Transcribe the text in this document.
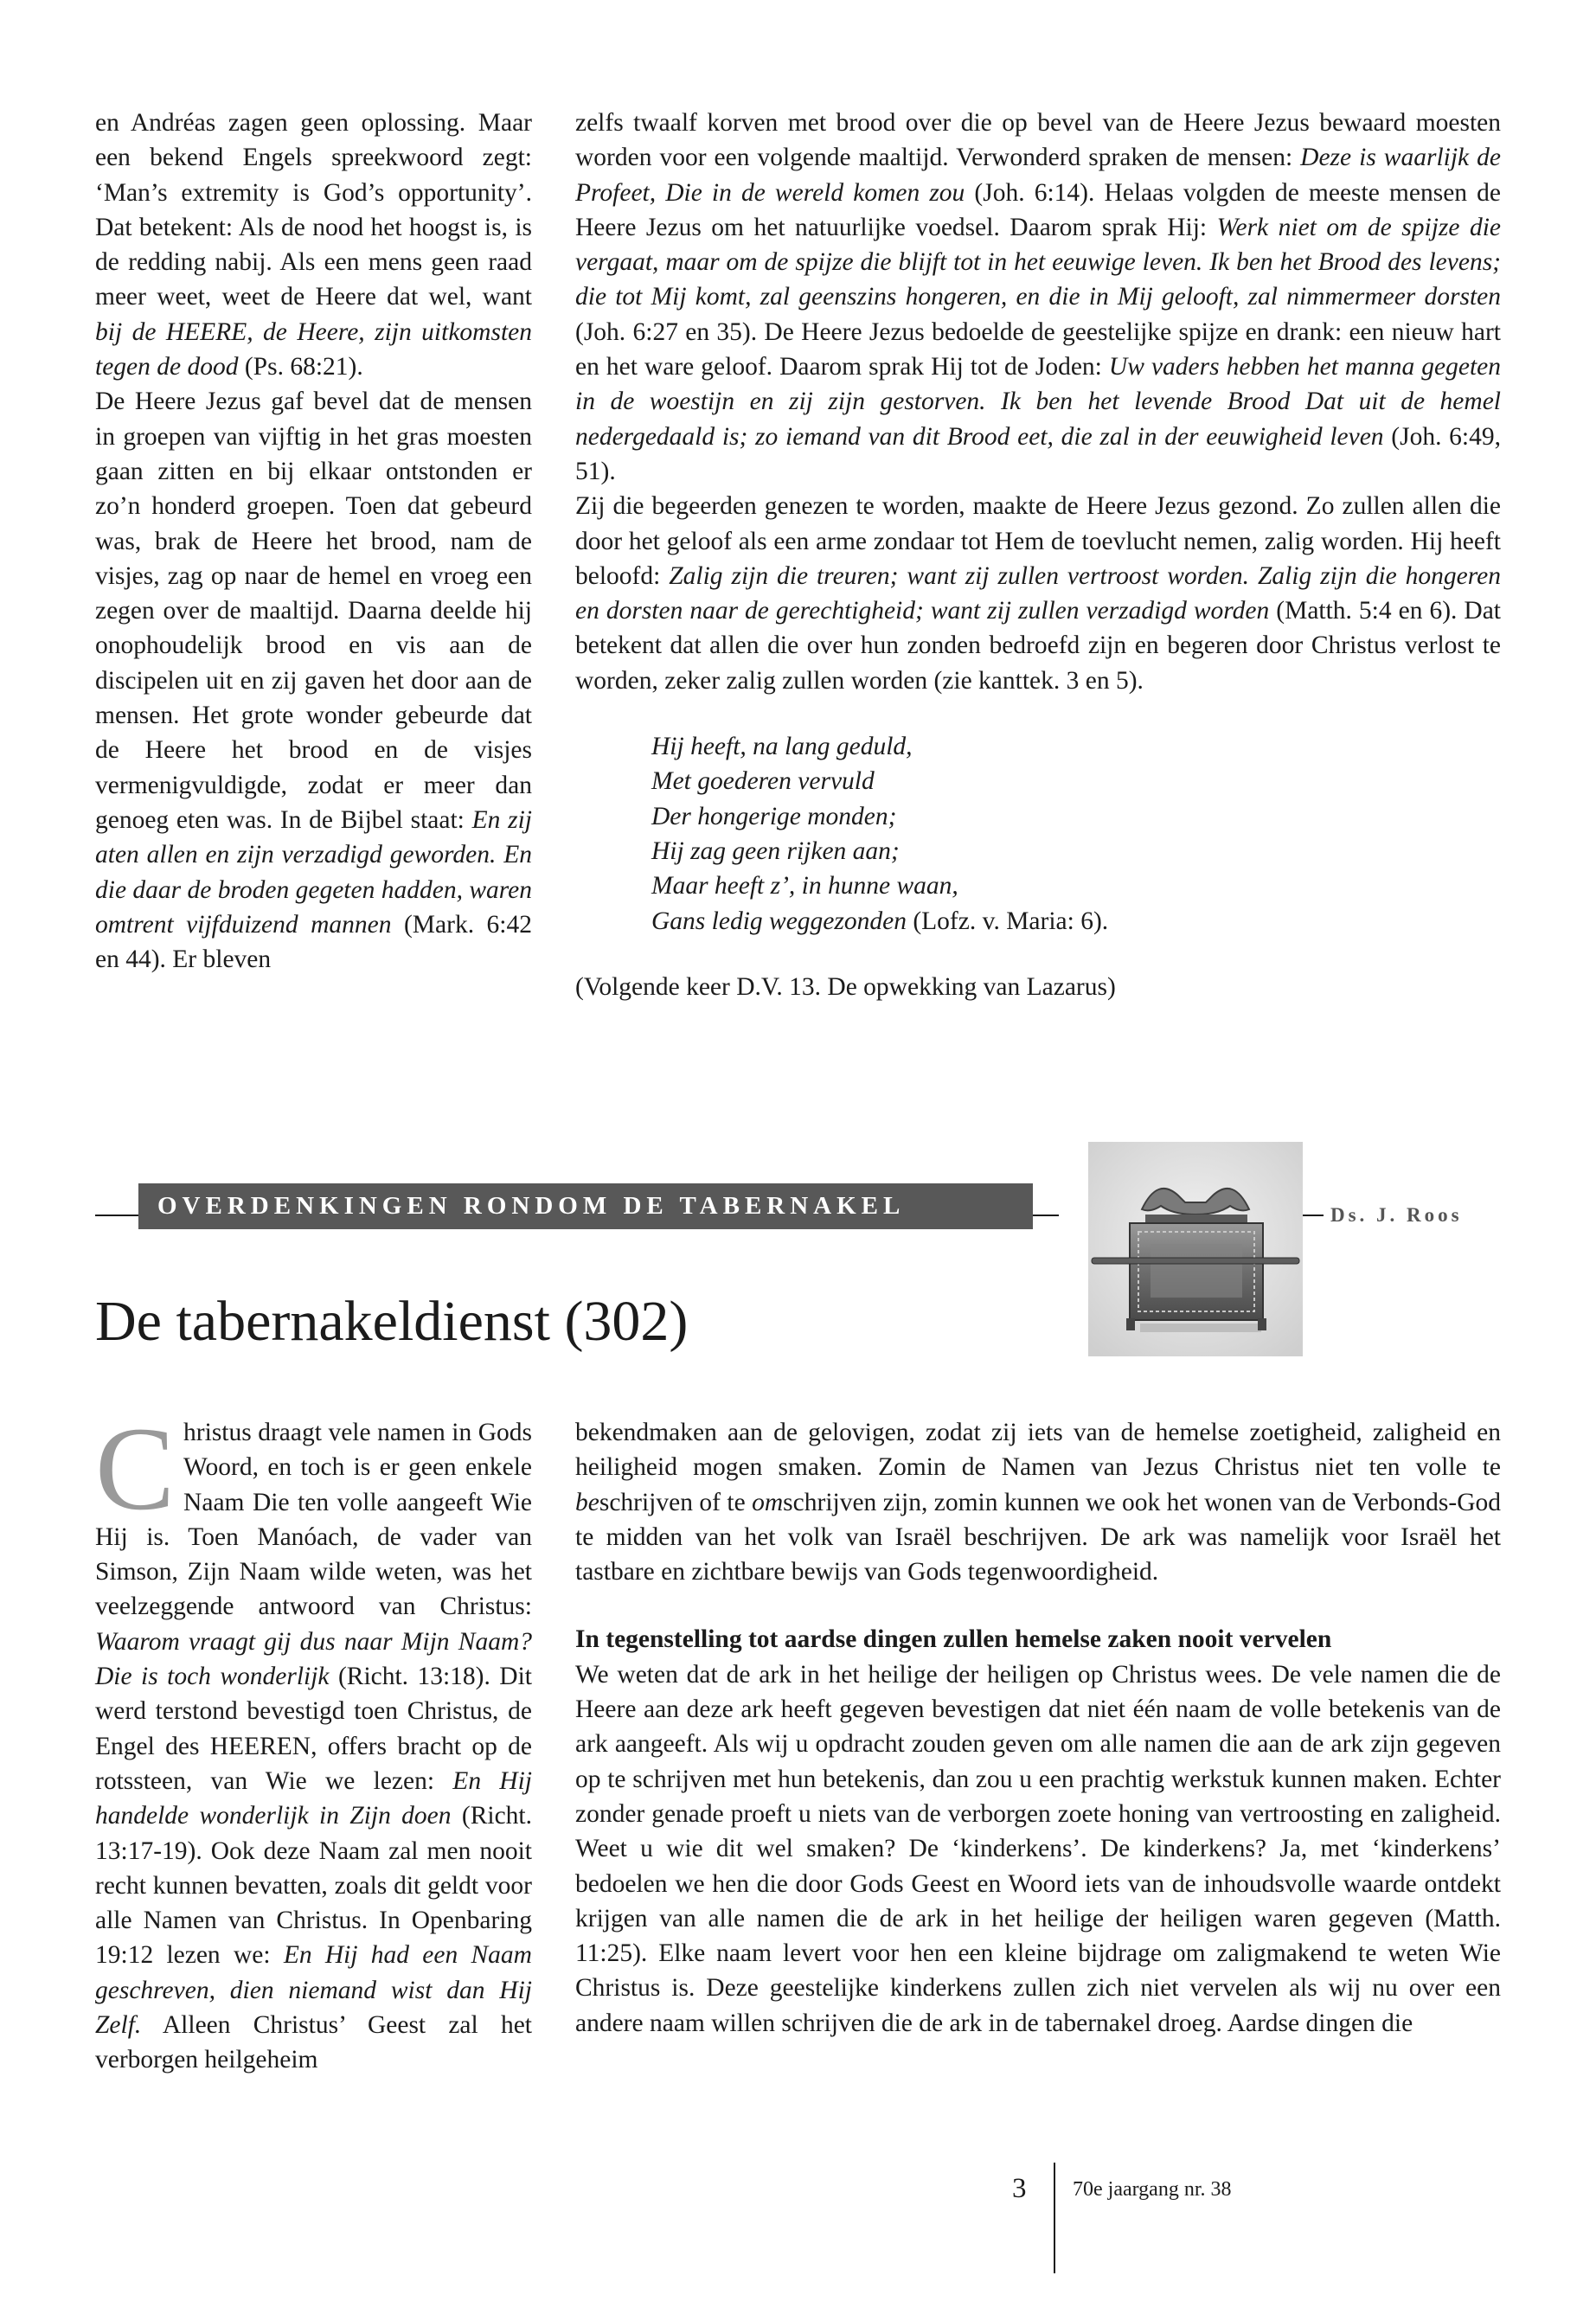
en Andréas zagen geen oplossing. Maar een bekend Engels spreekwoord zegt: ‘Man’s extremity is God’s opportunity’. Dat betekent: Als de nood het hoogst is, is de redding nabij. Als een mens geen raad meer weet, weet de Heere dat wel, want bij de HEERE, de Heere, zijn uitkomsten tegen de dood (Ps. 68:21).

De Heere Jezus gaf bevel dat de mensen in groepen van vijftig in het gras moesten gaan zitten en bij elkaar ontstonden er zo’n honderd groepen. Toen dat gebeurd was, brak de Heere het brood, nam de visjes, zag op naar de hemel en vroeg een zegen over de maaltijd. Daarna deelde hij onophoudelijk brood en vis aan de discipelen uit en zij gaven het door aan de mensen. Het grote wonder gebeurde dat de Heere het brood en de visjes vermenigvuldigde, zodat er meer dan genoeg eten was. In de Bijbel staat: En zij aten allen en zijn verzadigd geworden. En die daar de broden gegeten hadden, waren omtrent vijfduizend mannen (Mark. 6:42 en 44). Er bleven

zelfs twaalf korven met brood over die op bevel van de Heere Jezus bewaard moesten worden voor een volgende maaltijd. Verwonderd spraken de mensen: Deze is waarlijk de Profeet, Die in de wereld komen zou (Joh. 6:14). Helaas volgden de meeste mensen de Heere Jezus om het natuurlijke voedsel. Daarom sprak Hij: Werk niet om de spijze die vergaat, maar om de spijze die blijft tot in het eeuwige leven. Ik ben het Brood des levens; die tot Mij komt, zal geenszins hongeren, en die in Mij gelooft, zal nimmermeer dorsten (Joh. 6:27 en 35). De Heere Jezus bedoelde de geestelijke spijze en drank: een nieuw hart en het ware geloof. Daarom sprak Hij tot de Joden: Uw vaders hebben het manna gegeten in de woestijn en zij zijn gestorven. Ik ben het levende Brood Dat uit de hemel nedergedaald is; zo iemand van dit Brood eet, die zal in der eeuwigheid leven (Joh. 6:49, 51).

Zij die begeerden genezen te worden, maakte de Heere Jezus gezond. Zo zullen allen die door het geloof als een arme zondaar tot Hem de toevlucht nemen, zalig worden. Hij heeft beloofd: Zalig zijn die treuren; want zij zullen vertroost worden. Zalig zijn die hongeren en dorsten naar de gerechtigheid; want zij zullen verzadigd worden (Matth. 5:4 en 6). Dat betekent dat allen die over hun zonden bedroefd zijn en begeren door Christus verlost te worden, zeker zalig zullen worden (zie kanttek. 3 en 5).

Hij heeft, na lang geduld,
Met goederen vervuld
Der hongerige monden;
Hij zag geen rijken aan;
Maar heeft z’, in hunne waan,
Gans ledig weggezonden (Lofz. v. Maria: 6).
(Volgende keer D.V. 13. De opwekking van Lazarus)
OVERDENKINGEN RONDOM DE TABERNAKEL	Ds. J. Roos
De tabernakeldienst (302)
C hristus draagt vele namen in Gods Woord, en toch is er geen enkele Naam Die ten volle aangeeft Wie Hij is. Toen Manóach, de vader van Simson, Zijn Naam wilde weten, was het veelzeggende antwoord van Christus: Waarom vraagt gij dus naar Mijn Naam? Die is toch wonderlijk (Richt. 13:18). Dit werd terstond bevestigd toen Christus, de Engel des HEEREN, offers bracht op de rotssteen, van Wie we lezen: En Hij handelde wonderlijk in Zijn doen (Richt. 13:17-19). Ook deze Naam zal men nooit recht kunnen bevatten, zoals dit geldt voor alle Namen van Christus. In Openbaring 19:12 lezen we: En Hij had een Naam geschreven, dien niemand wist dan Hij Zelf. Alleen Christus’ Geest zal het verborgen heilgeheim

bekendmaken aan de gelovigen, zodat zij iets van de hemelse zoetigheid, zaligheid en heiligheid mogen smaken. Zomin de Namen van Jezus Christus niet ten volle te beschrijven of te omschrijven zijn, zomin kunnen we ook het wonen van de Verbonds-God te midden van het volk van Israël beschrijven. De ark was namelijk voor Israël het tastbare en zichtbare bewijs van Gods tegenwoordigheid.

In tegenstelling tot aardse dingen zullen hemelse zaken nooit vervelen

We weten dat de ark in het heilige der heiligen op Christus wees. De vele namen die de Heere aan deze ark heeft gegeven bevestigen dat niet één naam de volle betekenis van de ark aangeeft. Als wij u opdracht zouden geven om alle namen die aan de ark zijn gegeven op te schrijven met hun betekenis, dan zou u een prachtig werkstuk kunnen maken. Echter zonder genade proeft u niets van de verborgen zoete honing van vertroosting en zaligheid. Weet u wie dit wel smaken? De ‘kinderkens’. De kinderkens? Ja, met ‘kinderkens’ bedoelen we hen die door Gods Geest en Woord iets van de inhoudsvolle waarde ontdekt krijgen van alle namen die de ark in het heilige der heiligen waren gegeven (Matth. 11:25). Elke naam levert voor hen een kleine bijdrage om zaligmakend te weten Wie Christus is. Deze geestelijke kinderkens zullen zich niet vervelen als wij nu over een andere naam willen schrijven die de ark in de tabernakel droeg. Aardse dingen die

3 70e jaargang nr. 38
